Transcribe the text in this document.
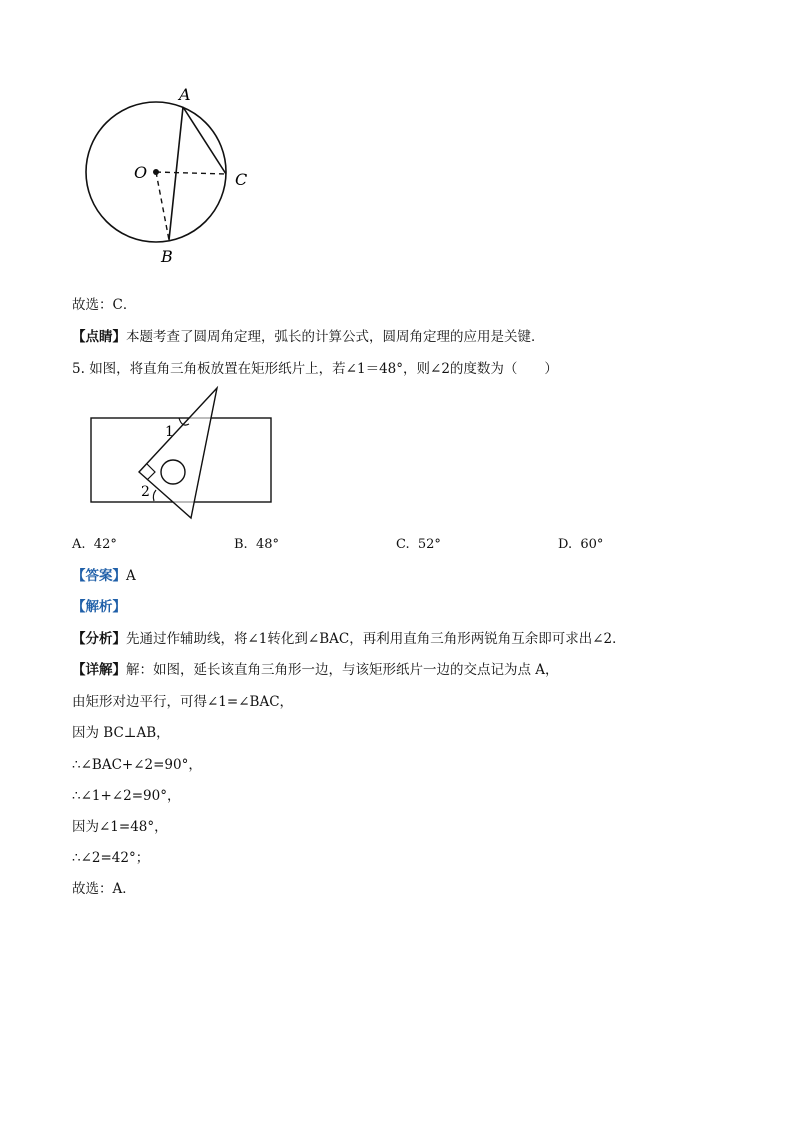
A
O	C
B
故选：C．
【点睛】本题考查了圆周角定理，弧长的计算公式，圆周角定理的应用是关键．
5. 如图，将直角三角板放置在矩形纸片上，若∠1＝48°，则∠2的度数为（　　）
1
2
A. 42°	B. 48°	C. 52°	D. 60°
【答案】A
【解析】
【分析】先通过作辅助线，将∠1转化到∠BAC，再利用直角三角形两锐角互余即可求出∠2．
【详解】解：如图，延长该直角三角形一边，与该矩形纸片一边的交点记为点 A，
由矩形对边平行，可得∠1=∠BAC，
因为 BC⊥AB，
∴∠BAC+∠2=90°，
∴∠1+∠2=90°，
因为∠1=48°，
∴∠2=42°；
故选：A．
